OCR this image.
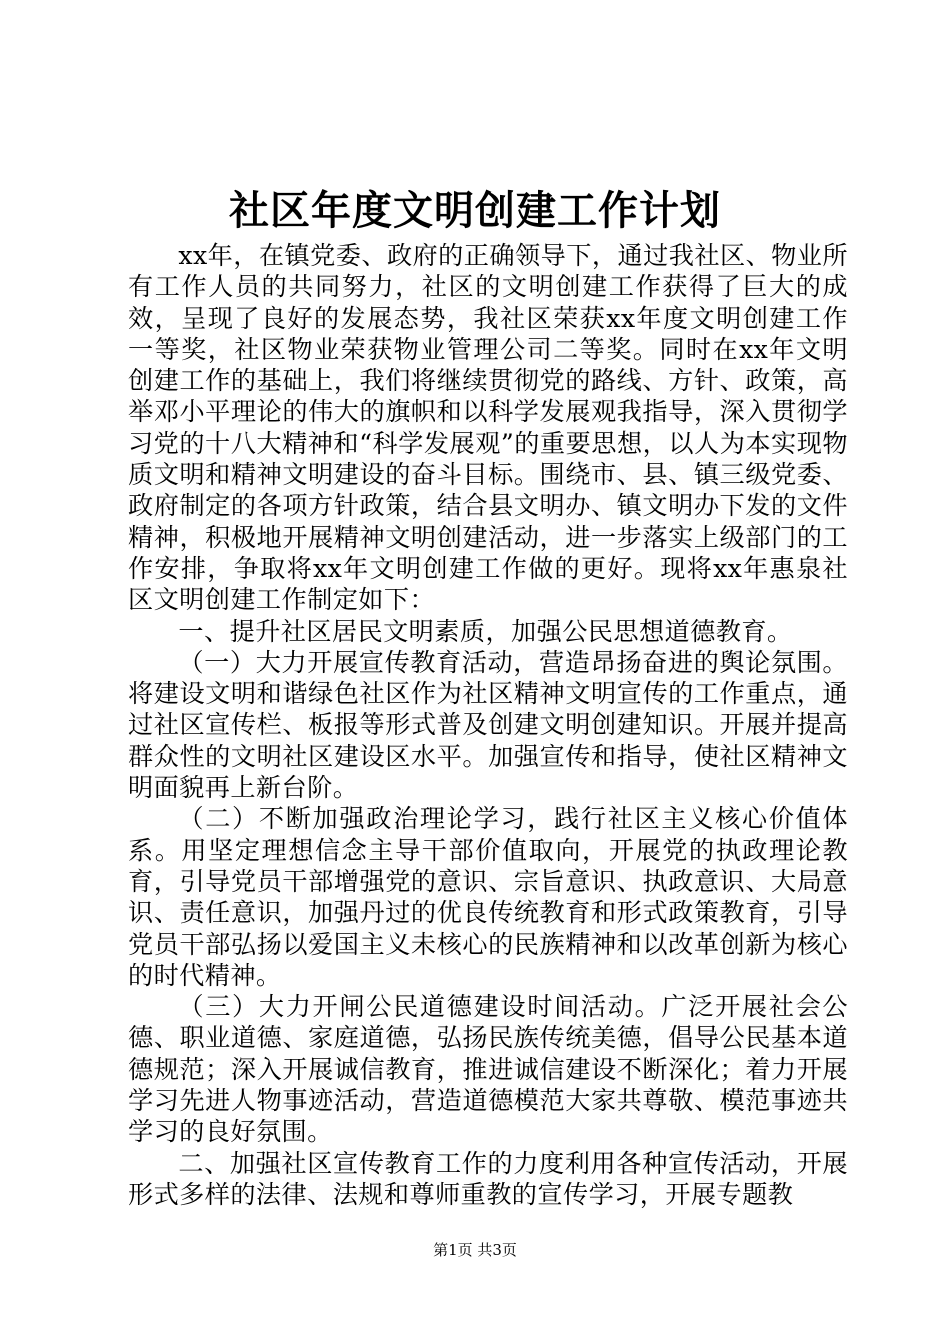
社区年度文明创建工作计划

xx年，在镇党委、政府的正确领导下，通过我社区、物业所有工作人员的共同努力，社区的文明创建工作获得了巨大的成效，呈现了良好的发展态势，我社区荣获xx年度文明创建工作一等奖，社区物业荣获物业管理公司二等奖。同时在xx年文明创建工作的基础上，我们将继续贯彻党的路线、方针、政策，高举邓小平理论的伟大的旗帜和以科学发展观我指导，深入贯彻学习党的十八大精神和“科学发展观”的重要思想，以人为本实现物质文明和精神文明建设的奋斗目标。围绕市、县、镇三级党委、政府制定的各项方针政策，结合县文明办、镇文明办下发的文件精神，积极地开展精神文明创建活动，进一步落实上级部门的工作安排，争取将xx年文明创建工作做的更好。现将xx年惠泉社区文明创建工作制定如下：

一、提升社区居民文明素质，加强公民思想道德教育。

（一）大力开展宣传教育活动，营造昂扬奋进的舆论氛围。将建设文明和谐绿色社区作为社区精神文明宣传的工作重点，通过社区宣传栏、板报等形式普及创建文明创建知识。开展并提高群众性的文明社区建设区水平。加强宣传和指导，使社区精神文明面貌再上新台阶。

（二）不断加强政治理论学习，践行社区主义核心价值体系。用坚定理想信念主导干部价值取向，开展党的执政理论教育，引导党员干部增强党的意识、宗旨意识、执政意识、大局意识、责任意识，加强丹过的优良传统教育和形式政策教育，引导党员干部弘扬以爱国主义未核心的民族精神和以改革创新为核心的时代精神。

（三）大力开闸公民道德建设时间活动。广泛开展社会公德、职业道德、家庭道德，弘扬民族传统美德，倡导公民基本道德规范；深入开展诚信教育，推进诚信建设不断深化；着力开展学习先进人物事迹活动，营造道德模范大家共尊敬、模范事迹共学习的良好氛围。

二、加强社区宣传教育工作的力度利用各种宣传活动，开展形式多样的法律、法规和尊师重教的宣传学习，开展专题教

第1页 共3页
